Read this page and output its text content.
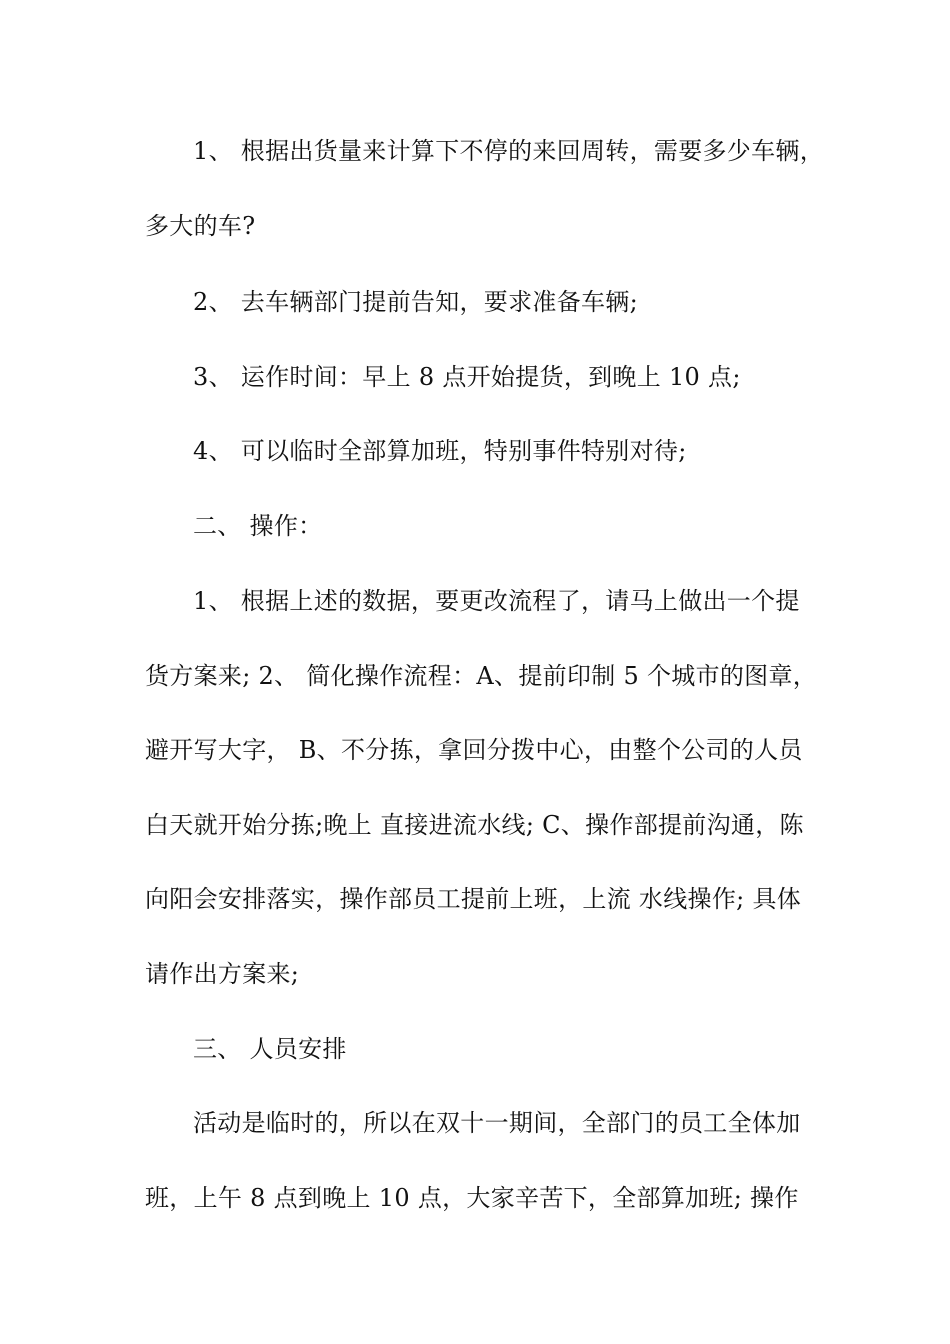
1、 根据出货量来计算下不停的来回周转，需要多少车辆，
多大的车?
2、 去车辆部门提前告知，要求准备车辆;
3、 运作时间：早上 8 点开始提货，到晚上 10 点;
4、 可以临时全部算加班，特别事件特别对待;
二、 操作：
1、 根据上述的数据，要更改流程了，请马上做出一个提
货方案来; 2、 简化操作流程：A、提前印制 5 个城市的图章，
避开写大字， B、不分拣，拿回分拨中心，由整个公司的人员
白天就开始分拣;晚上 直接进流水线; C、操作部提前沟通，陈
向阳会安排落实，操作部员工提前上班，上流 水线操作; 具体
请作出方案来;
三、 人员安排
活动是临时的，所以在双十一期间，全部门的员工全体加
班，上午 8 点到晚上 10 点，大家辛苦下，全部算加班; 操作
